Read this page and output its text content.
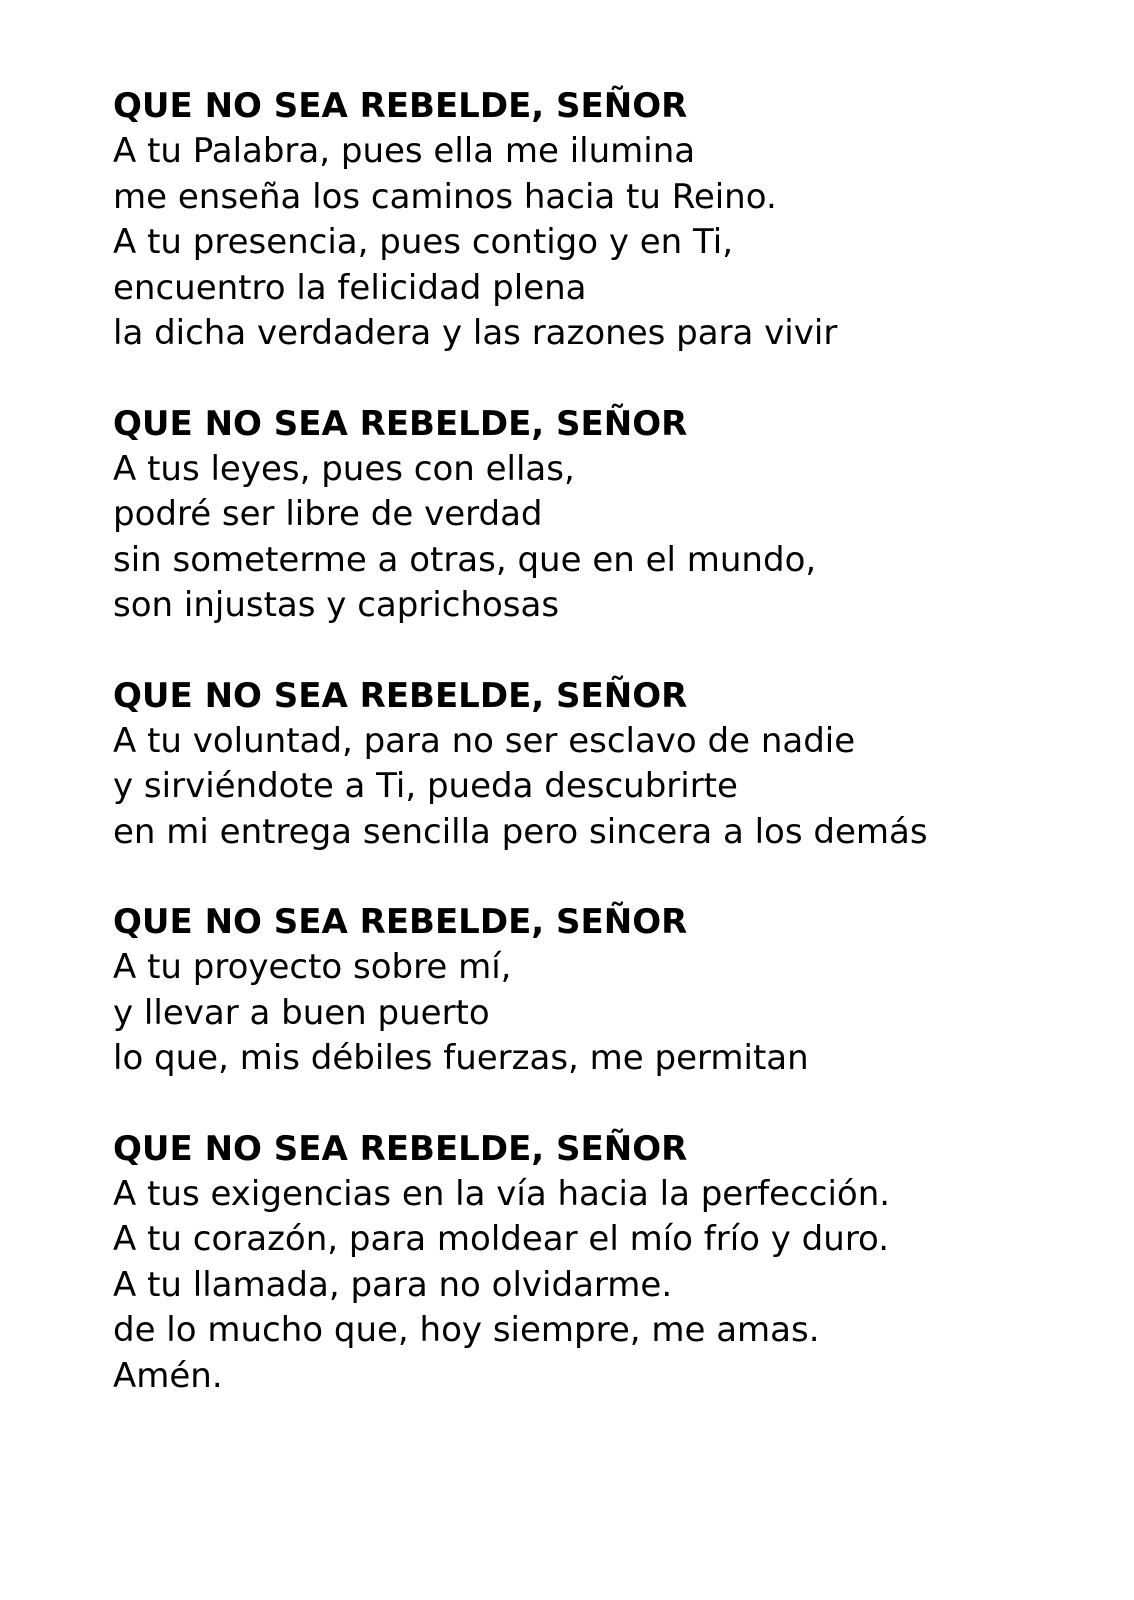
QUE NO SEA REBELDE, SEÑOR

A tu Palabra, pues ella me ilumina

me enseña los caminos hacia tu Reino.

A tu presencia, pues contigo y en Ti,

encuentro la felicidad plena

la dicha verdadera y las razones para vivir

QUE NO SEA REBELDE, SEÑOR

A tus leyes, pues con ellas,

podré ser libre de verdad

sin someterme a otras, que en el mundo,

son injustas y caprichosas

QUE NO SEA REBELDE, SEÑOR

A tu voluntad, para no ser esclavo de nadie

y sirviéndote a Ti, pueda descubrirte

en mi entrega sencilla pero sincera a los demás

QUE NO SEA REBELDE, SEÑOR

A tu proyecto sobre mí,

y llevar a buen puerto

lo que, mis débiles fuerzas, me permitan

QUE NO SEA REBELDE, SEÑOR

A tus exigencias en la vía hacia la perfección.

A tu corazón, para moldear el mío frío y duro.

A tu llamada, para no olvidarme.

de lo mucho que, hoy siempre, me amas.

Amén.
